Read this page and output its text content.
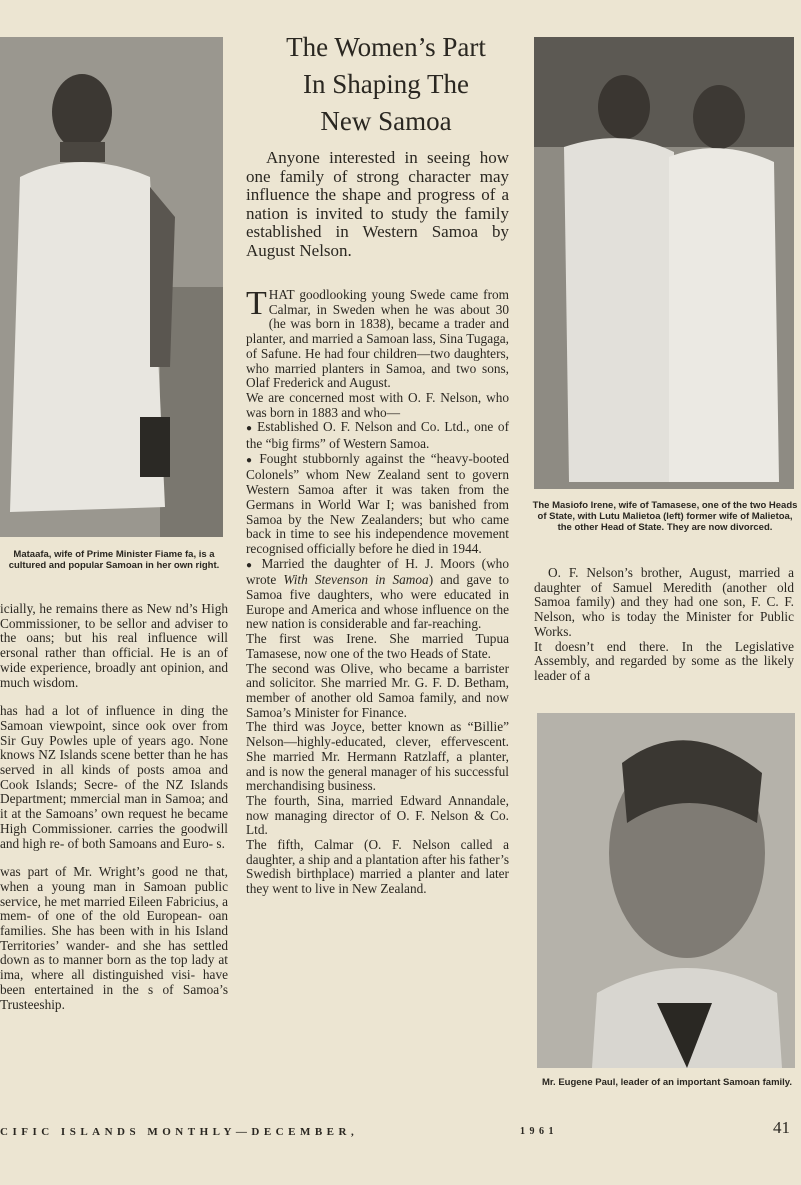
Mataafa, wife of Prime Minister Fiame fa, is a cultured and popular Samoan in her own right.

icially, he remains there as New nd’s High Commissioner, to be sellor and adviser to the oans; but his real influence will ersonal rather than official. He is an of wide experience, broadly ant opinion, and much wisdom.

has had a lot of influence in ding the Samoan viewpoint, since ook over from Sir Guy Powles uple of years ago. None knows NZ Islands scene better than he has served in all kinds of posts amoa and Cook Islands; Secre- of the NZ Islands Department; mmercial man in Samoa; and it at the Samoans’ own request he became High Commissioner. carries the goodwill and high re- of both Samoans and Euro- s.

was part of Mr. Wright’s good ne that, when a young man in Samoan public service, he met married Eileen Fabricius, a mem- of one of the old European- oan families. She has been with in his Island Territories’ wander- and she has settled down as to manner born as the top lady at ima, where all distinguished visi- have been entertained in the s of Samoa’s Trusteeship.

The Women’s Part
In Shaping The
New Samoa

Anyone interested in seeing how one family of strong character may influence the shape and progress of a nation is invited to study the family established in Western Samoa by August Nelson.

THAT goodlooking young Swede came from Calmar, in Sweden when he was about 30 (he was born in 1838), became a trader and planter, and married a Samoan lass, Sina Tugaga, of Safune. He had four children—two daughters, who married planters in Samoa, and two sons, Olaf Frederick and August.

We are concerned most with O. F. Nelson, who was born in 1883 and who—

● Established O. F. Nelson and Co. Ltd., one of the “big firms” of Western Samoa.

● Fought stubbornly against the “heavy-booted Colonels” whom New Zealand sent to govern Western Samoa after it was taken from the Germans in World War I; was banished from Samoa by the New Zealanders; but who came back in time to see his independence movement recognised officially before he died in 1944.

● Married the daughter of H. J. Moors (who wrote With Stevenson in Samoa) and gave to Samoa five daughters, who were educated in Europe and America and whose influence on the new nation is considerable and far-reaching.

The first was Irene. She married Tupua Tamasese, now one of the two Heads of State.

The second was Olive, who became a barrister and solicitor. She married Mr. G. F. D. Betham, member of another old Samoa family, and now Samoa’s Minister for Finance.

The third was Joyce, better known as “Billie” Nelson—highly-educated, clever, effervescent. She married Mr. Hermann Ratzlaff, a planter, and is now the general manager of his successful merchandising business.

The fourth, Sina, married Edward Annandale, now managing director of O. F. Nelson & Co. Ltd.

The fifth, Calmar (O. F. Nelson called a daughter, a ship and a plantation after his father’s Swedish birthplace) married a planter and later they went to live in New Zealand.

The Masiofo Irene, wife of Tamasese, one of the two Heads of State, with Lutu Malietoa (left) former wife of Malietoa, the other Head of State. They are now divorced.

O. F. Nelson’s brother, August, married a daughter of Samuel Meredith (another old Samoa family) and they had one son, F. C. F. Nelson, who is today the Minister for Public Works.

It doesn’t end there. In the Legislative Assembly, and regarded by some as the likely leader of a

Mr. Eugene Paul, leader of an important Samoan family.
CIFIC ISLANDS MONTHLY—DECEMBER,	1961	41
